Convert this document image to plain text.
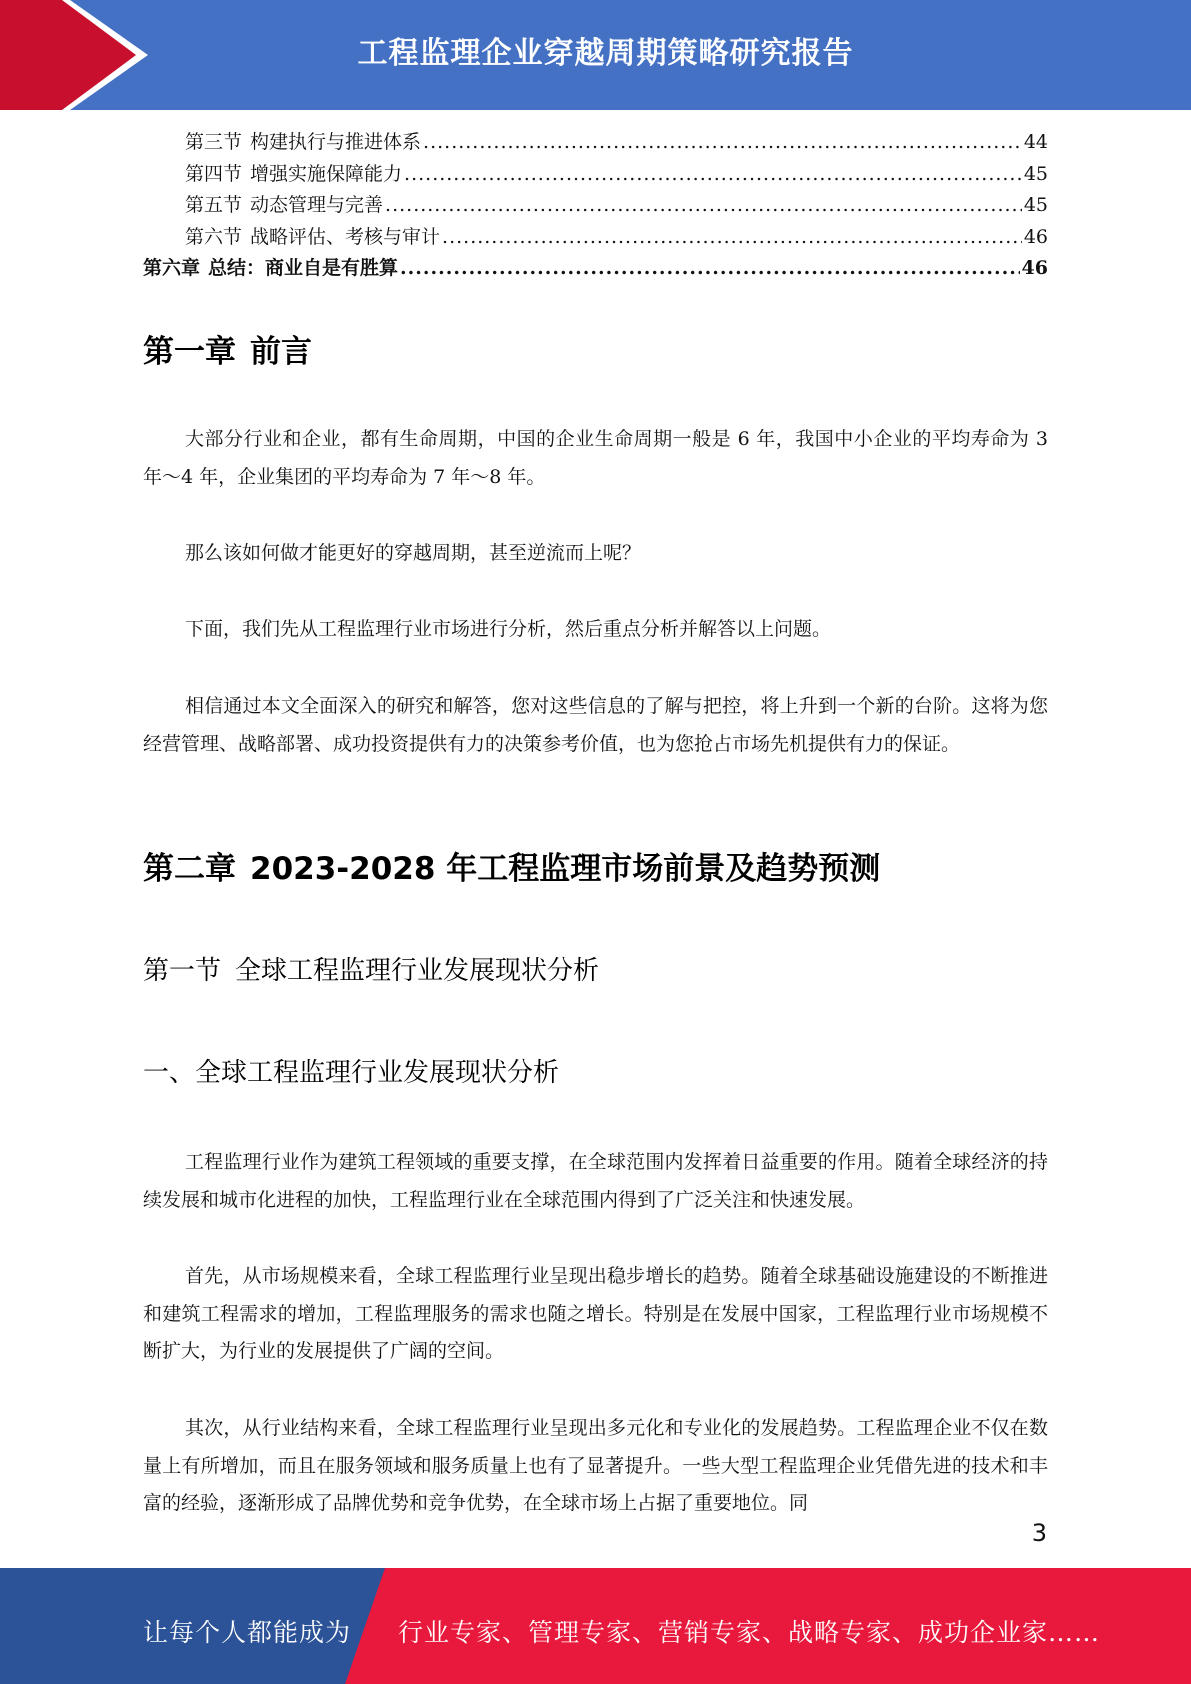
工程监理企业穿越周期策略研究报告
第三节 构建执行与推进体系 .....	44
第四节 增强实施保障能力 .....	45
第五节 动态管理与完善 .....	45
第六节 战略评估、考核与审计 .....	46
第六章 总结：商业自是有胜算 .....	46
第一章 前言

大部分行业和企业，都有生命周期，中国的企业生命周期一般是 6 年，我国中小企业的平均寿命为 3 年～4 年，企业集团的平均寿命为 7 年～8 年。

那么该如何做才能更好的穿越周期，甚至逆流而上呢？

下面，我们先从工程监理行业市场进行分析，然后重点分析并解答以上问题。

相信通过本文全面深入的研究和解答，您对这些信息的了解与把控，将上升到一个新的台阶。这将为您经营管理、战略部署、成功投资提供有力的决策参考价值，也为您抢占市场先机提供有力的保证。

第二章 2023-2028 年工程监理市场前景及趋势预测
第一节 全球工程监理行业发展现状分析
一、全球工程监理行业发展现状分析

工程监理行业作为建筑工程领域的重要支撑，在全球范围内发挥着日益重要的作用。随着全球经济的持续发展和城市化进程的加快，工程监理行业在全球范围内得到了广泛关注和快速发展。

首先，从市场规模来看，全球工程监理行业呈现出稳步增长的趋势。随着全球基础设施建设的不断推进和建筑工程需求的增加，工程监理服务的需求也随之增长。特别是在发展中国家，工程监理行业市场规模不断扩大，为行业的发展提供了广阔的空间。

其次，从行业结构来看，全球工程监理行业呈现出多元化和专业化的发展趋势。工程监理企业不仅在数量上有所增加，而且在服务领域和服务质量上也有了显著提升。一些大型工程监理企业凭借先进的技术和丰富的经验，逐渐形成了品牌优势和竞争优势，在全球市场上占据了重要地位。同

3
让每个人都能成为 行业专家、管理专家、营销专家、战略专家、成功企业家……
